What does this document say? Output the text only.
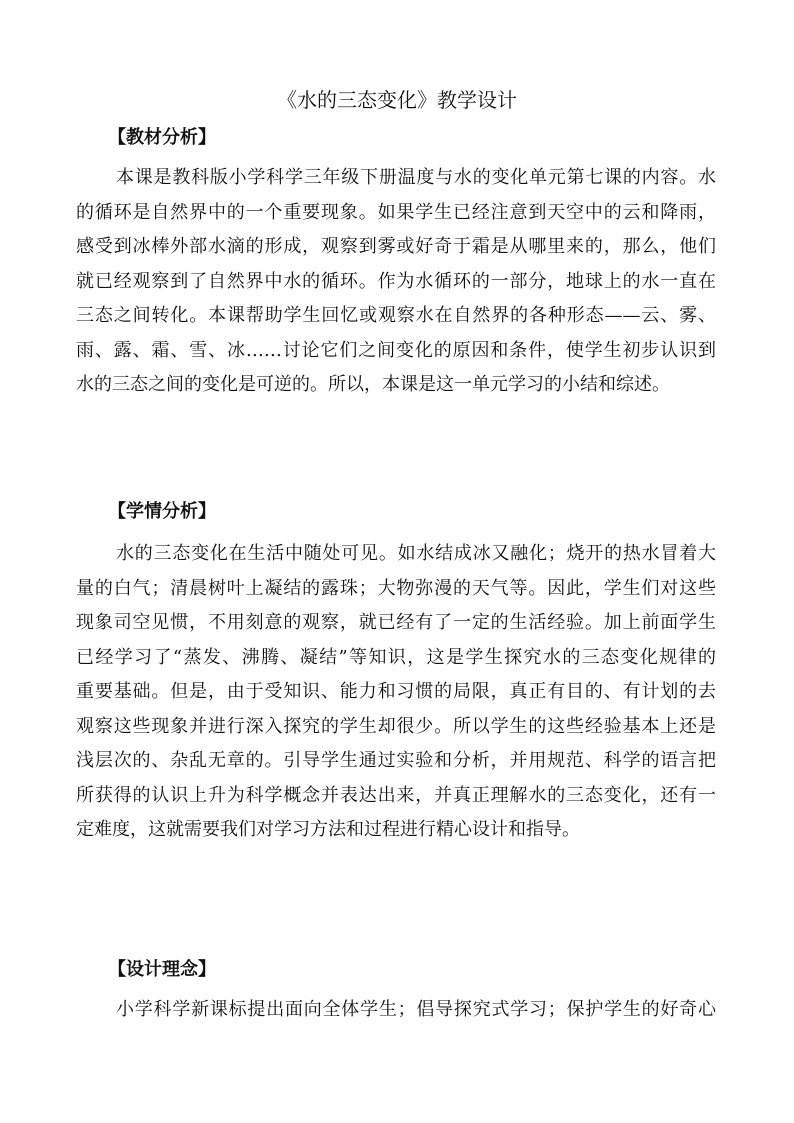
《水的三态变化》教学设计
【教材分析】
本课是教科版小学科学三年级下册温度与水的变化单元第七课的内容。水
的循环是自然界中的一个重要现象。如果学生已经注意到天空中的云和降雨，
感受到冰棒外部水滴的形成，观察到雾或好奇于霜是从哪里来的，那么，他们
就已经观察到了自然界中水的循环。作为水循环的一部分，地球上的水一直在
三态之间转化。本课帮助学生回忆或观察水在自然界的各种形态——云、雾、
雨、露、霜、雪、冰……讨论它们之间变化的原因和条件，使学生初步认识到
水的三态之间的变化是可逆的。所以，本课是这一单元学习的小结和综述。
【学情分析】
水的三态变化在生活中随处可见。如水结成冰又融化；烧开的热水冒着大
量的白气；清晨树叶上凝结的露珠；大物弥漫的天气等。因此，学生们对这些
现象司空见惯，不用刻意的观察，就已经有了一定的生活经验。加上前面学生
已经学习了“蒸发、沸腾、凝结”等知识，这是学生探究水的三态变化规律的
重要基础。但是，由于受知识、能力和习惯的局限，真正有目的、有计划的去
观察这些现象并进行深入探究的学生却很少。所以学生的这些经验基本上还是
浅层次的、杂乱无章的。引导学生通过实验和分析，并用规范、科学的语言把
所获得的认识上升为科学概念并表达出来，并真正理解水的三态变化，还有一
定难度，这就需要我们对学习方法和过程进行精心设计和指导。
【设计理念】
小学科学新课标提出面向全体学生；倡导探究式学习；保护学生的好奇心
